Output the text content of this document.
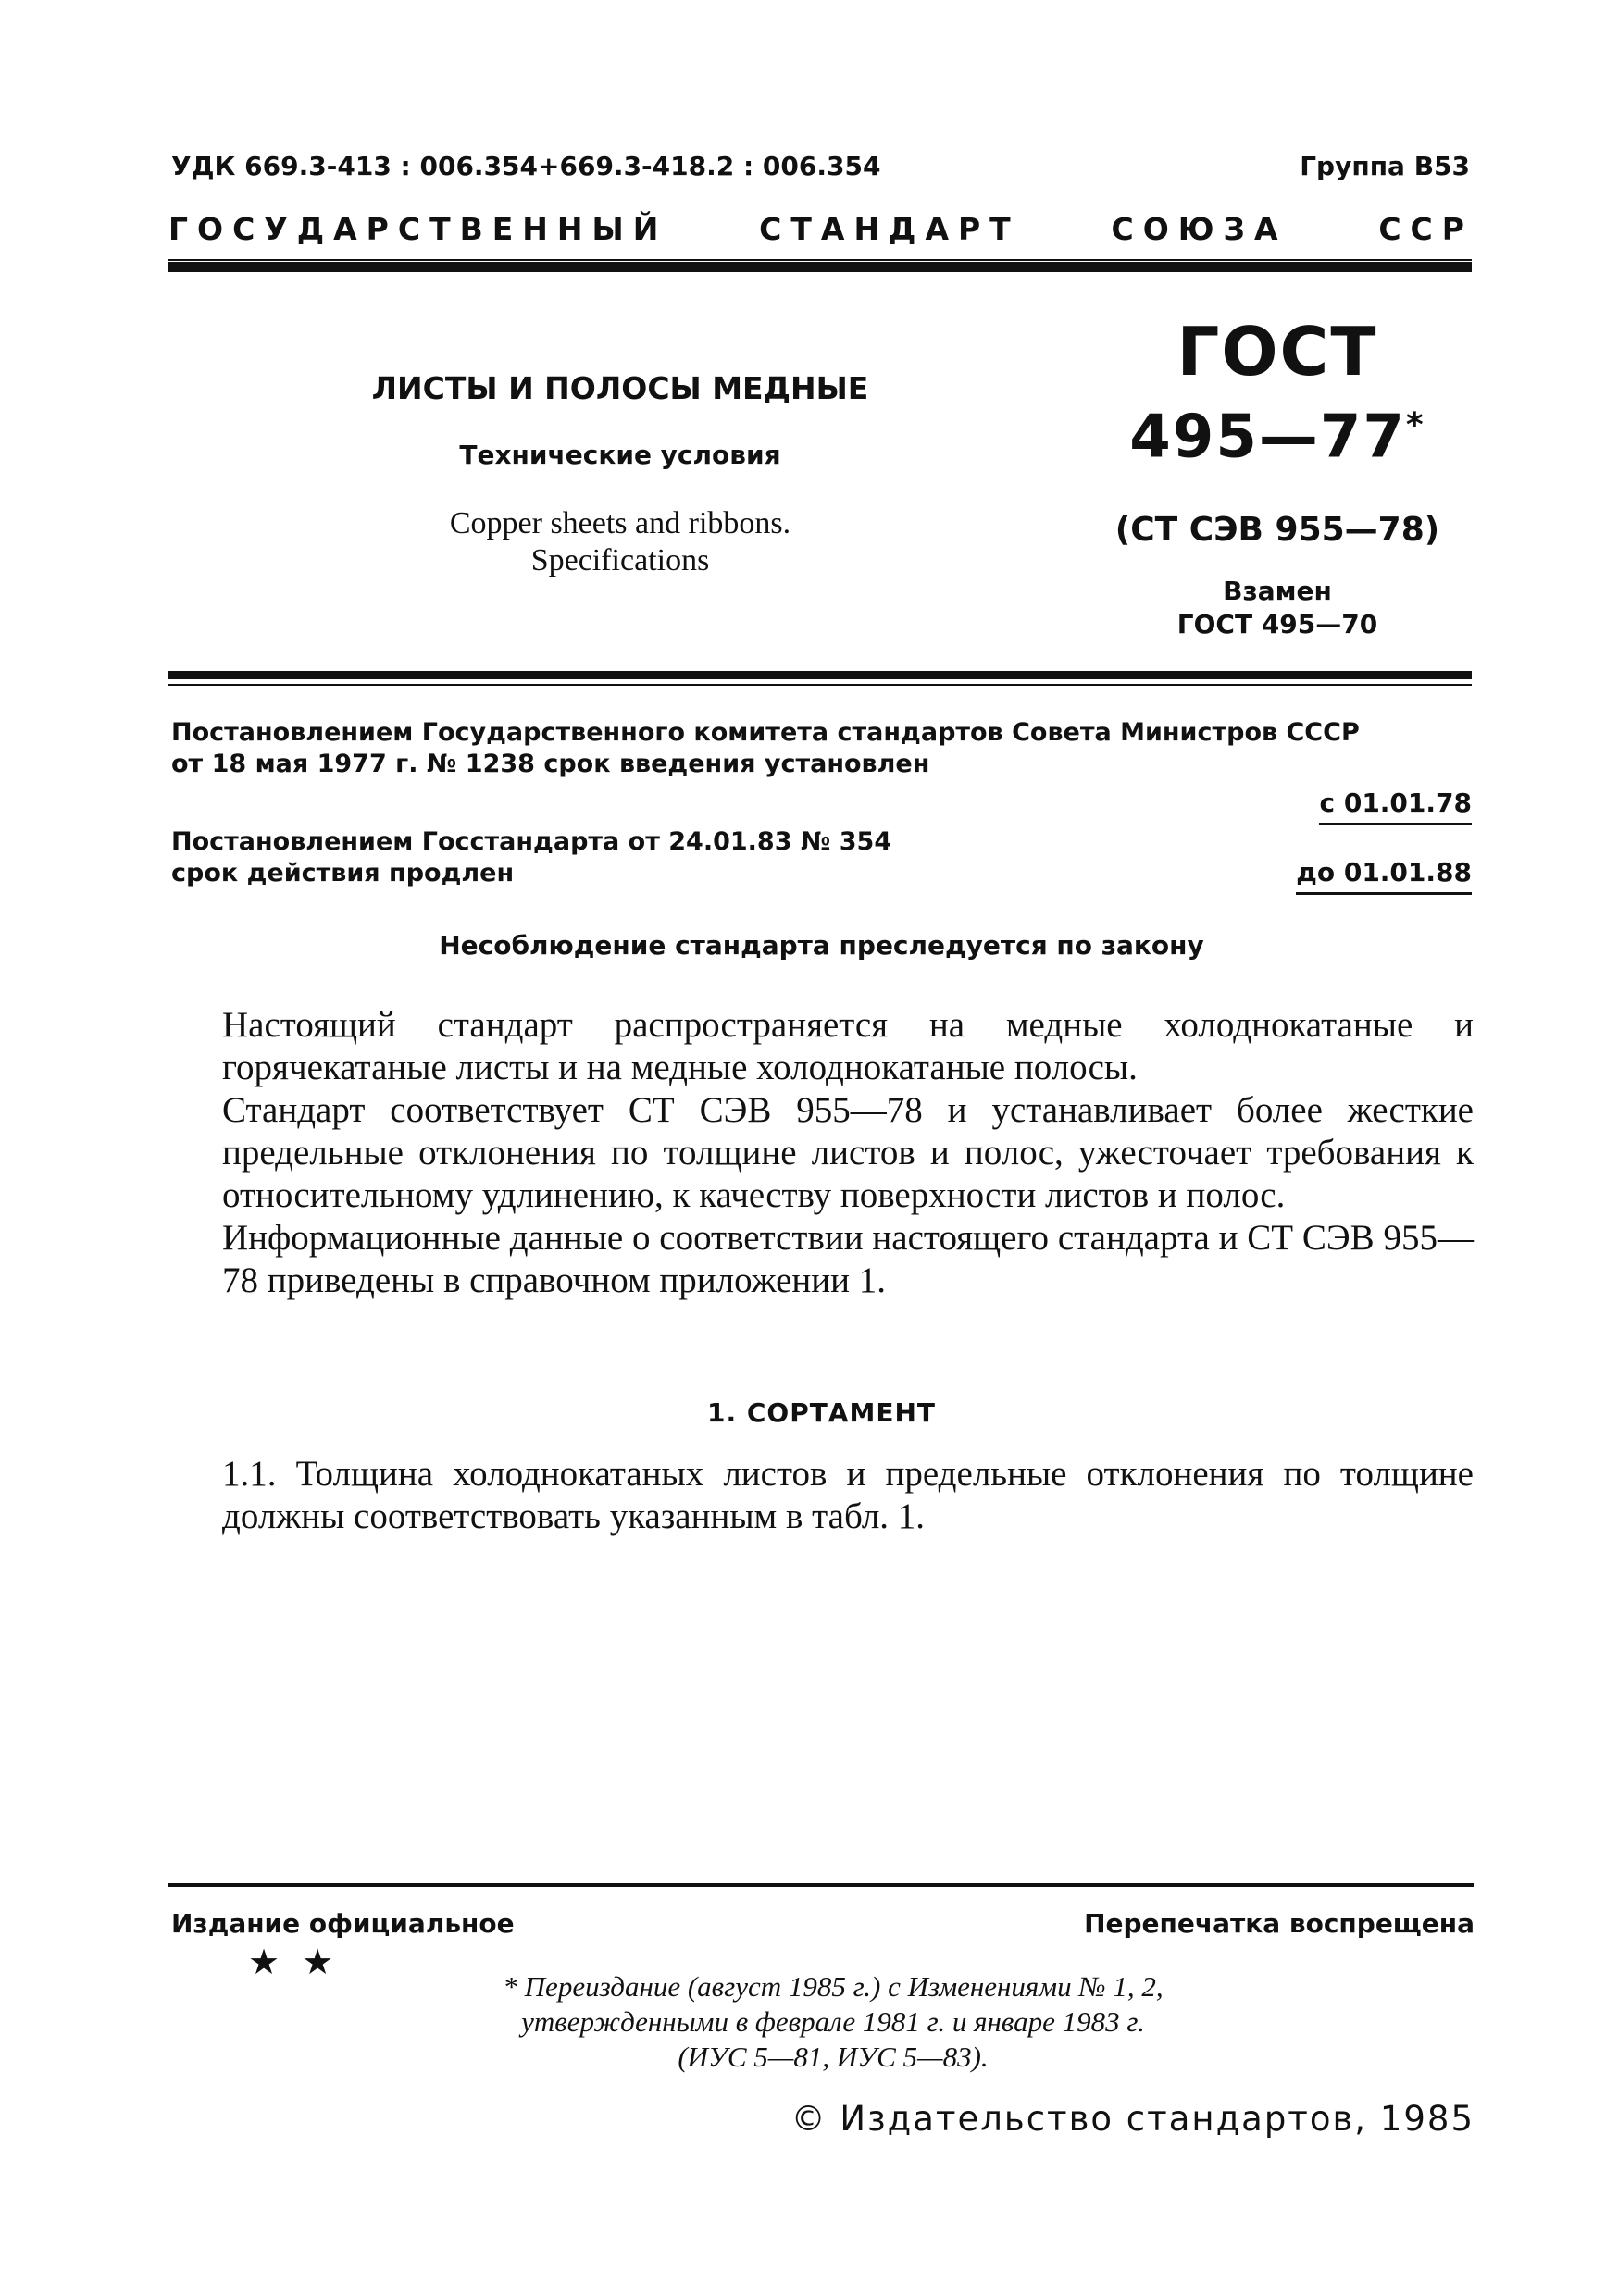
УДК 669.3-413 : 006.354+669.3-418.2 : 006.354	Группа В53

ГОСУДАРСТВЕННЫЙ	СТАНДАРТ	СОЮЗА	ССР

ЛИСТЫ И ПОЛОСЫ МЕДНЫЕ

Технические условия

Copper sheets and ribbons.

Specifications

ГОСТ

495—77*

(СТ СЭВ 955—78)

Взамен

ГОСТ 495—70

Постановлением Государственного комитета стандартов Совета Министров СССР

от 18 мая 1977 г. № 1238 срок введения установлен

с 01.01.78

Постановлением Госстандарта от 24.01.83 № 354

срок действия продлен	до 01.01.88

Несоблюдение стандарта преследуется по закону

Настоящий стандарт распространяется на медные холоднокатаные и горячекатаные листы и на медные холоднокатаные полосы.

Стандарт соответствует СТ СЭВ 955—78 и устанавливает более жесткие предельные отклонения по толщине листов и полос, ужесточает требования к относительному удлинению, к качеству поверхности листов и полос.

Информационные данные о соответствии настоящего стандарта и СТ СЭВ 955—78 приведены в справочном приложении 1.

1. СОРТАМЕНТ

1.1. Толщина холоднокатаных листов и предельные отклонения по толщине должны соответствовать указанным в табл. 1.

Издание официальное	Перепечатка воспрещена

★ ★

* Переиздание (август 1985 г.) с Изменениями № 1, 2,

утвержденными в феврале 1981 г. и январе 1983 г.

(ИУС 5—81, ИУС 5—83).

© Издательство стандартов, 1985
